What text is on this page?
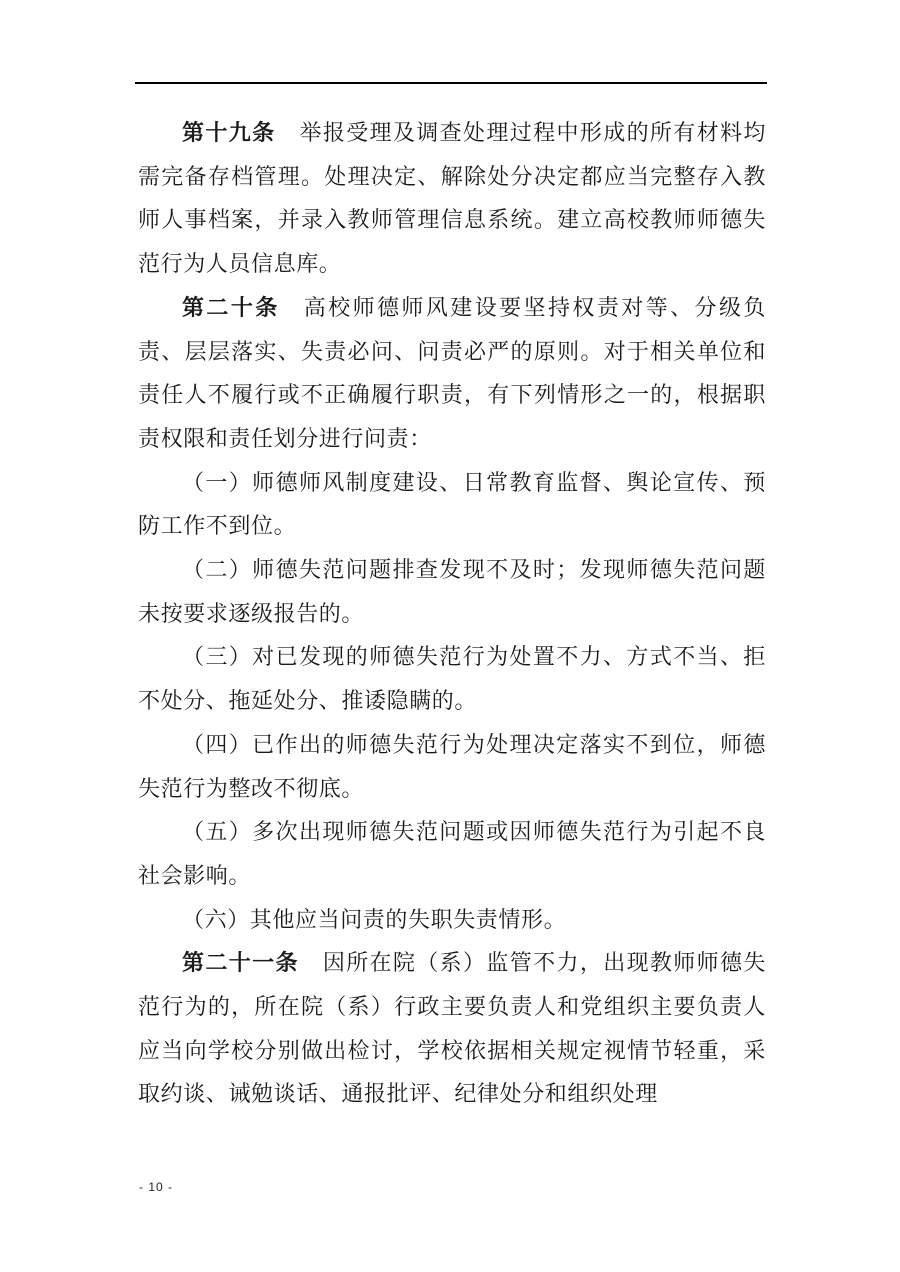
第十九条 举报受理及调查处理过程中形成的所有材料均需完备存档管理。处理决定、解除处分决定都应当完整存入教师人事档案，并录入教师管理信息系统。建立高校教师师德失范行为人员信息库。

第二十条 高校师德师风建设要坚持权责对等、分级负责、层层落实、失责必问、问责必严的原则。对于相关单位和责任人不履行或不正确履行职责，有下列情形之一的，根据职责权限和责任划分进行问责：

（一）师德师风制度建设、日常教育监督、舆论宣传、预防工作不到位。

（二）师德失范问题排查发现不及时；发现师德失范问题未按要求逐级报告的。

（三）对已发现的师德失范行为处置不力、方式不当、拒不处分、拖延处分、推诿隐瞒的。

（四）已作出的师德失范行为处理决定落实不到位，师德失范行为整改不彻底。

（五）多次出现师德失范问题或因师德失范行为引起不良社会影响。

（六）其他应当问责的失职失责情形。

第二十一条 因所在院（系）监管不力，出现教师师德失范行为的，所在院（系）行政主要负责人和党组织主要负责人应当向学校分别做出检讨，学校依据相关规定视情节轻重，采取约谈、诫勉谈话、通报批评、纪律处分和组织处理

- 10 -
